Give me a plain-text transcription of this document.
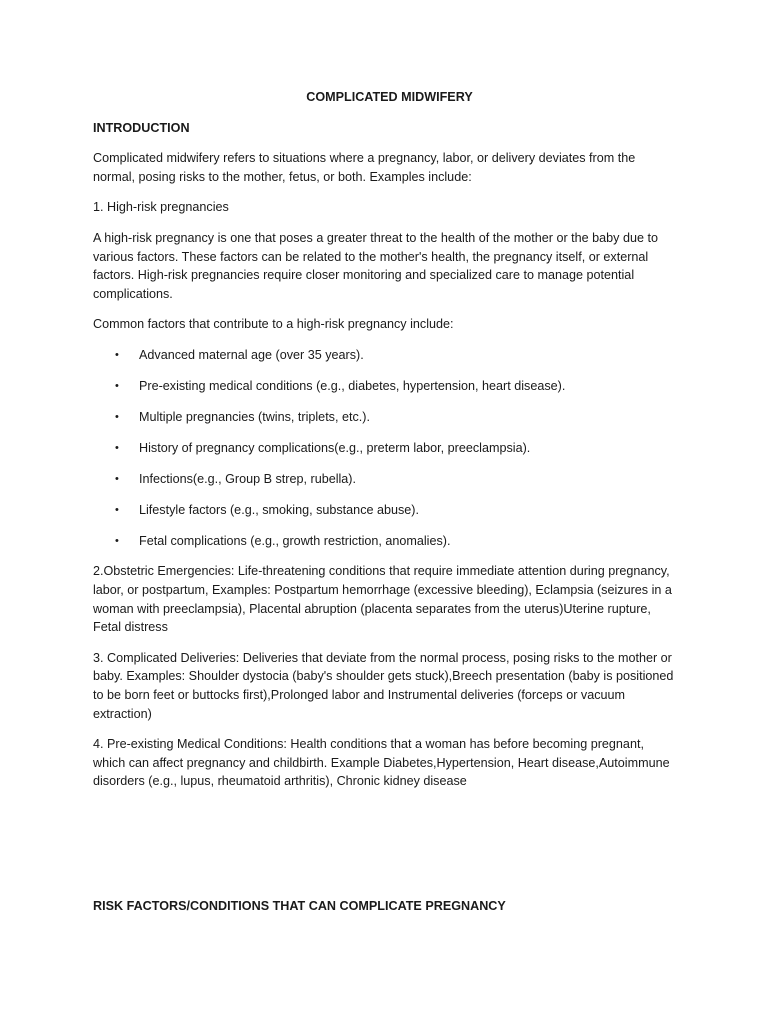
COMPLICATED MIDWIFERY
INTRODUCTION

Complicated midwifery refers to situations where a pregnancy, labor, or delivery deviates from the normal, posing risks to the mother, fetus, or both. Examples include:

1. High-risk pregnancies

A high-risk pregnancy is one that poses a greater threat to the health of the mother or the baby due to various factors. These factors can be related to the mother's health, the pregnancy itself, or external factors. High-risk pregnancies require closer monitoring and specialized care to manage potential complications.

Common factors that contribute to a high-risk pregnancy include:

• Advanced maternal age (over 35 years).
• Pre-existing medical conditions (e.g., diabetes, hypertension, heart disease).
• Multiple pregnancies (twins, triplets, etc.).
• History of pregnancy complications(e.g., preterm labor, preeclampsia).
• Infections(e.g., Group B strep, rubella).
• Lifestyle factors (e.g., smoking, substance abuse).
• Fetal complications (e.g., growth restriction, anomalies).

2.Obstetric Emergencies: Life-threatening conditions that require immediate attention during pregnancy, labor, or postpartum, Examples: Postpartum hemorrhage (excessive bleeding), Eclampsia (seizures in a woman with preeclampsia), Placental abruption (placenta separates from the uterus)Uterine rupture, Fetal distress

3. Complicated Deliveries: Deliveries that deviate from the normal process, posing risks to the mother or baby. Examples: Shoulder dystocia (baby's shoulder gets stuck),Breech presentation (baby is positioned to be born feet or buttocks first),Prolonged labor and Instrumental deliveries (forceps or vacuum extraction)

4. Pre-existing Medical Conditions: Health conditions that a woman has before becoming pregnant, which can affect pregnancy and childbirth. Example Diabetes,Hypertension, Heart disease,Autoimmune disorders (e.g., lupus, rheumatoid arthritis), Chronic kidney disease

RISK FACTORS/CONDITIONS THAT CAN COMPLICATE PREGNANCY
